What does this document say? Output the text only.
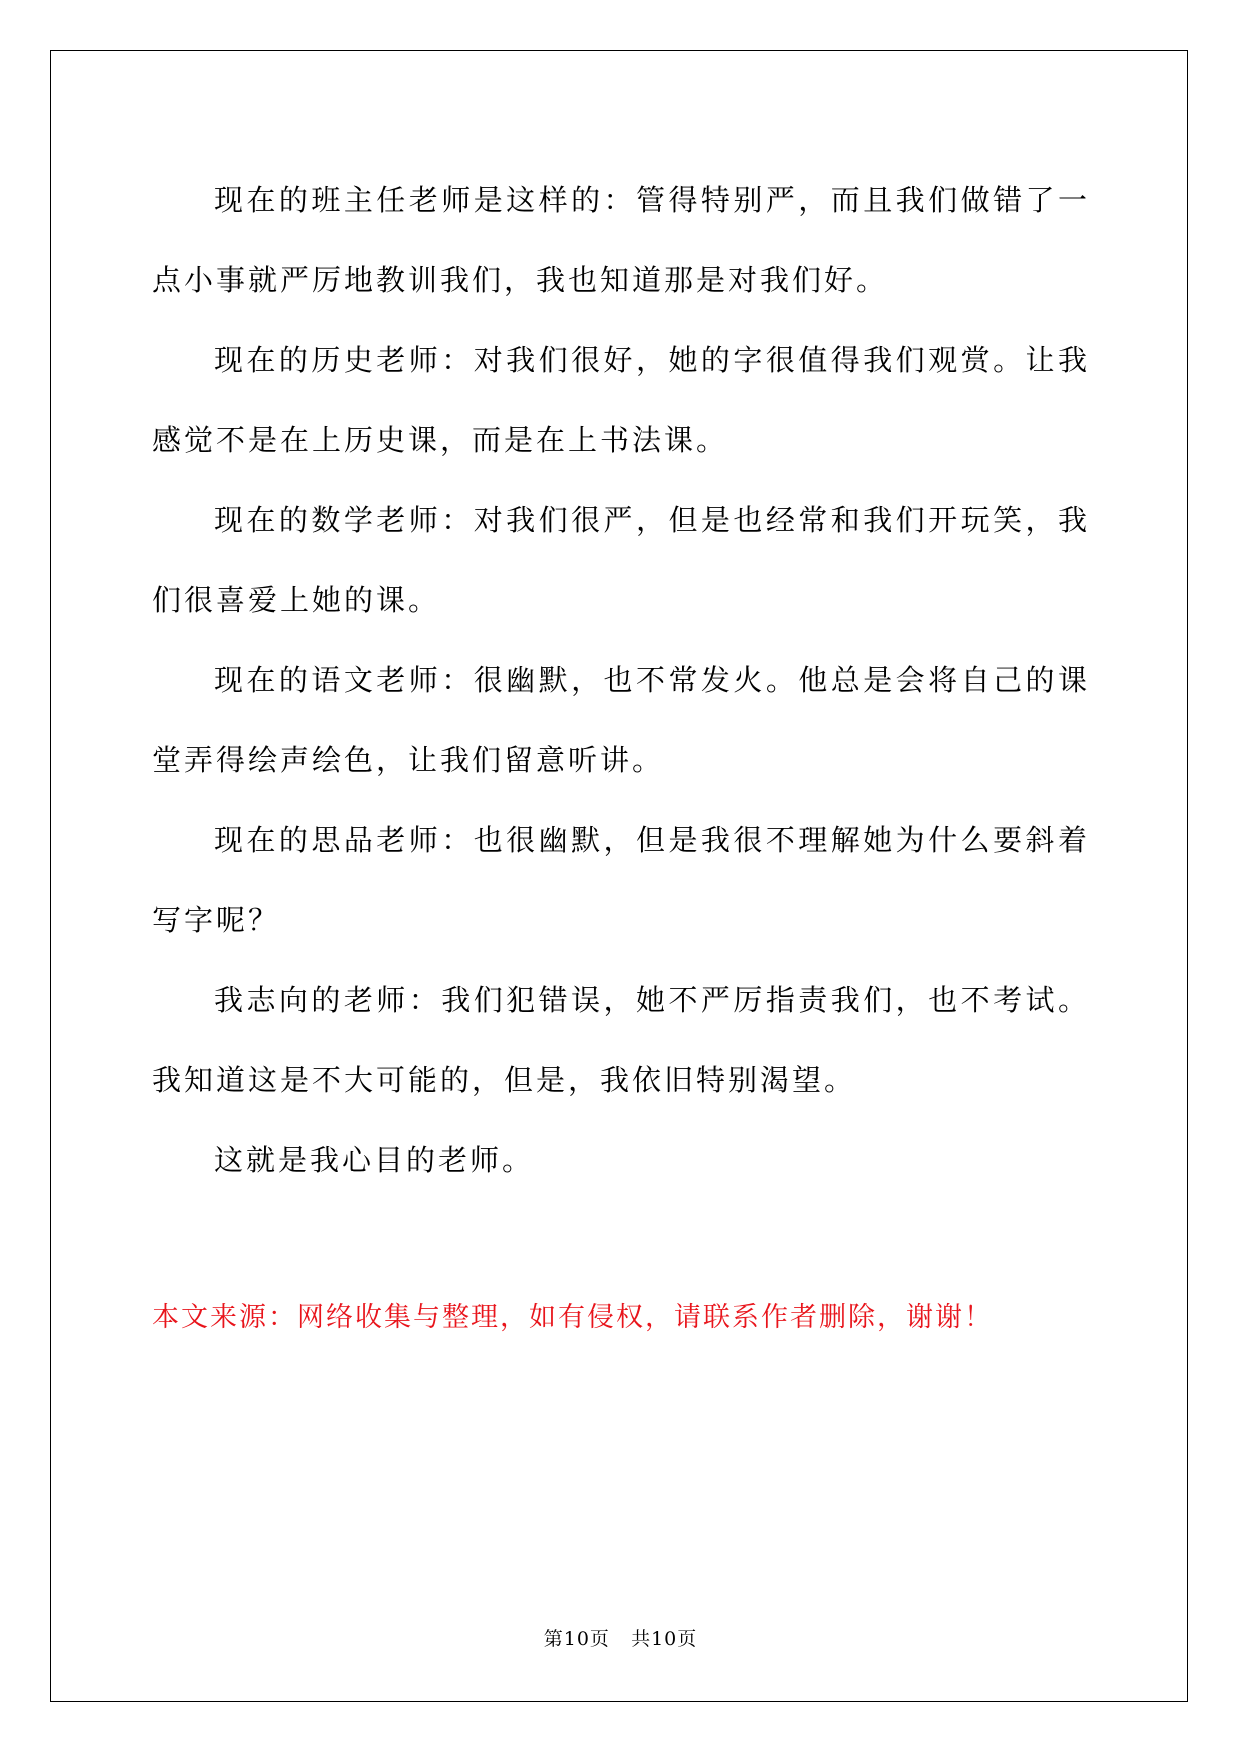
现在的班主任老师是这样的：管得特别严，而且我们做错了一点小事就严厉地教训我们，我也知道那是对我们好。

现在的历史老师：对我们很好，她的字很值得我们观赏。让我感觉不是在上历史课，而是在上书法课。

现在的数学老师：对我们很严，但是也经常和我们开玩笑，我们很喜爱上她的课。

现在的语文老师：很幽默，也不常发火。他总是会将自己的课堂弄得绘声绘色，让我们留意听讲。

现在的思品老师：也很幽默，但是我很不理解她为什么要斜着写字呢？

我志向的老师：我们犯错误，她不严厉指责我们，也不考试。我知道这是不大可能的，但是，我依旧特别渴望。

这就是我心目的老师。

本文来源：网络收集与整理，如有侵权，请联系作者删除，谢谢！

第10页 共10页
